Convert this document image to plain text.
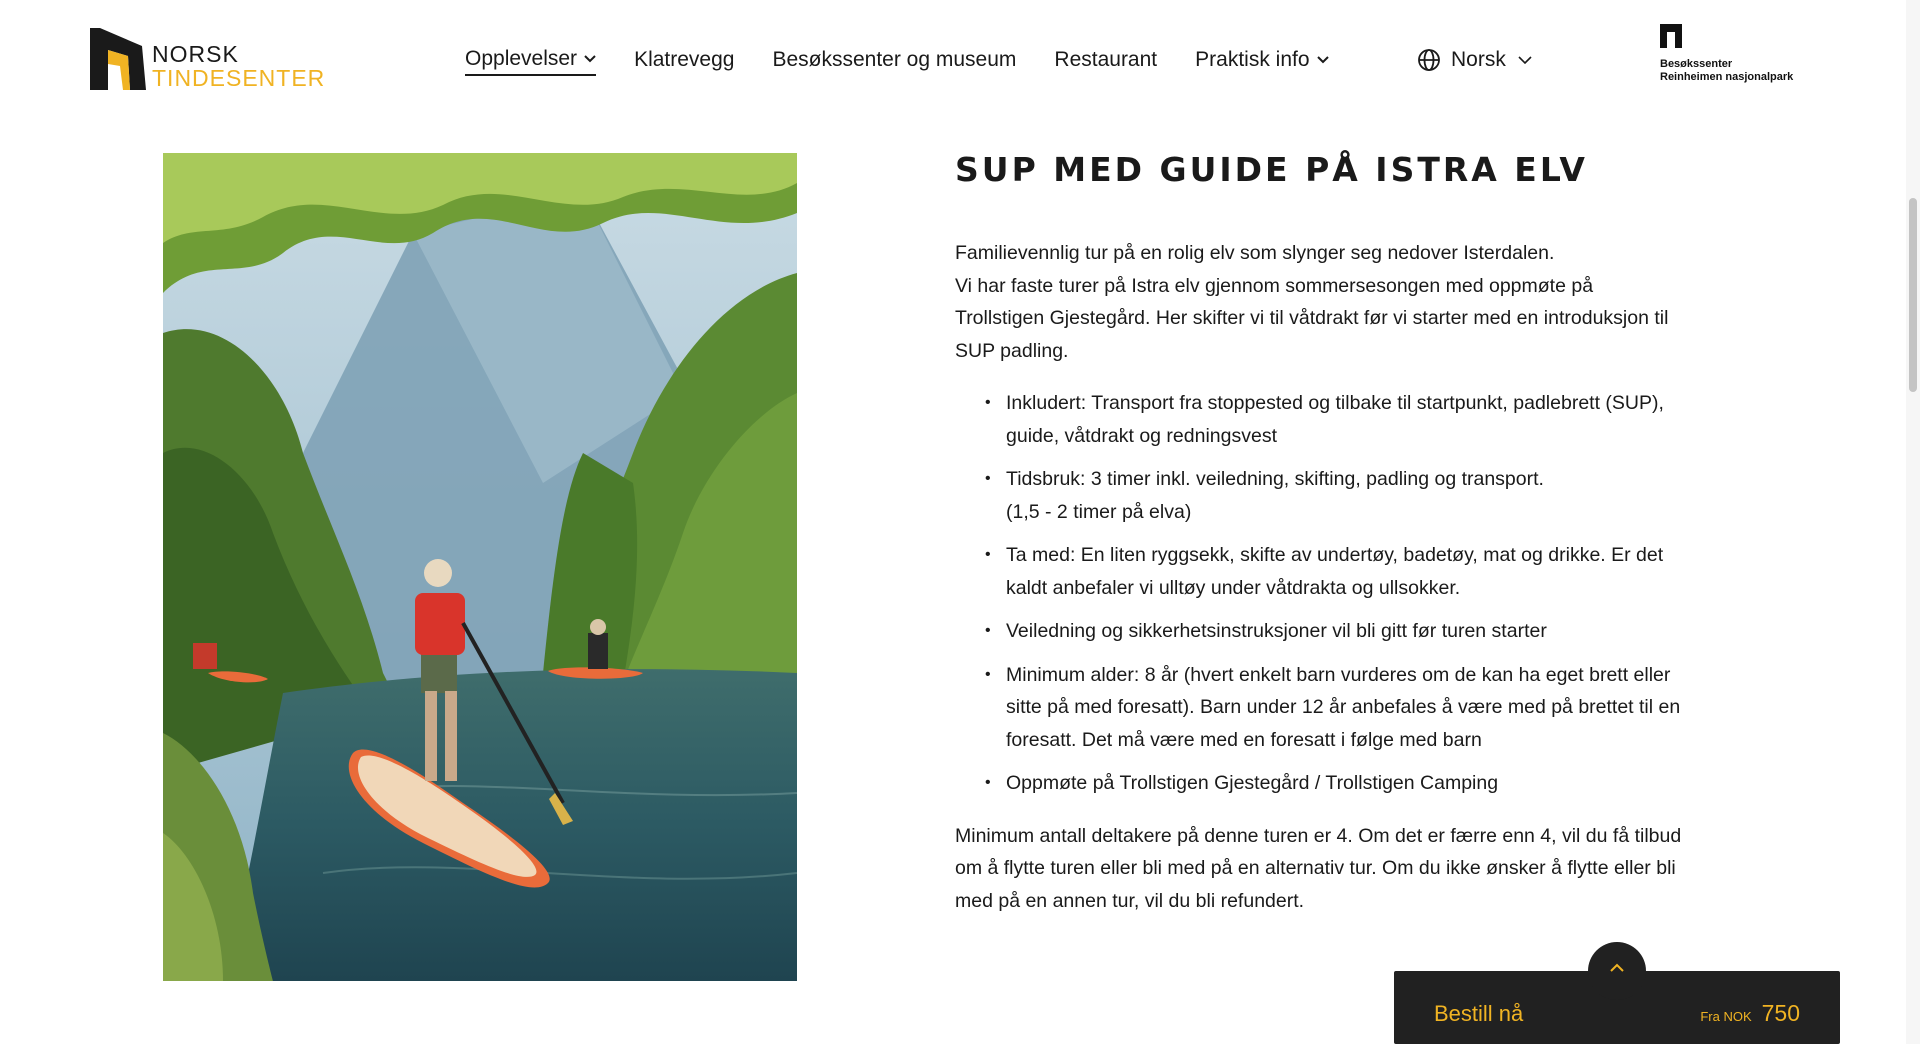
NORSK
TINDESENTER
Opplevelser	Klatrevegg Besøkssenter og museum Restaurant Praktisk info	Norsk	Besøkssenter
Reinheimen nasjonalpark
SUP MED GUIDE PÅ ISTRA ELV

Familievennlig tur på en rolig elv som slynger seg nedover Isterdalen.
Vi har faste turer på Istra elv gjennom sommersesongen med oppmøte på
Trollstigen Gjestegård. Her skifter vi til våtdrakt før vi starter med en introduksjon til
SUP padling.

• Inkludert: Transport fra stoppested og tilbake til startpunkt, padlebrett (SUP),
guide, våtdrakt og redningsvest
• Tidsbruk: 3 timer inkl. veiledning, skifting, padling og transport.
(1,5 - 2 timer på elva)
• Ta med: En liten ryggsekk, skifte av undertøy, badetøy, mat og drikke. Er det
kaldt anbefaler vi ulltøy under våtdrakta og ullsokker.
• Veiledning og sikkerhetsinstruksjoner vil bli gitt før turen starter
• Minimum alder: 8 år (hvert enkelt barn vurderes om de kan ha eget brett eller
sitte på med foresatt). Barn under 12 år anbefales å være med på brettet til en
foresatt. Det må være med en foresatt i følge med barn
• Oppmøte på Trollstigen Gjestegård / Trollstigen Camping

Minimum antall deltakere på denne turen er 4. Om det er færre enn 4, vil du få tilbud
om å flytte turen eller bli med på en alternativ tur. Om du ikke ønsker å flytte eller bli
med på en annen tur, vil du bli refundert.

Bestill nå	Fra NOK 750
